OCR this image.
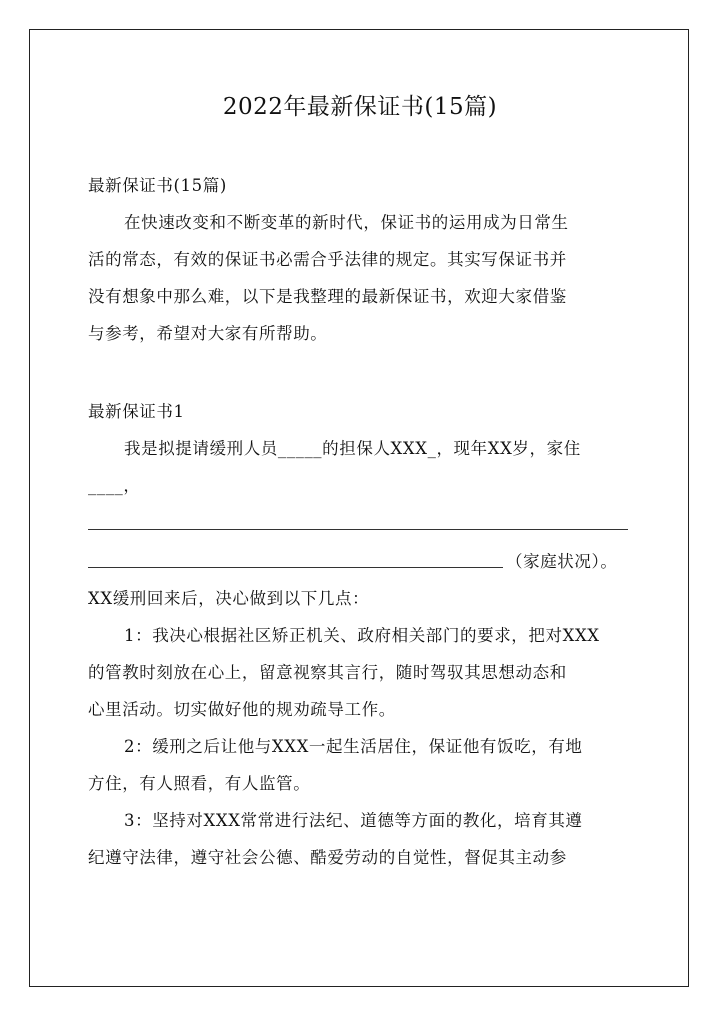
2022年最新保证书(15篇)
最新保证书(15篇)
在快速改变和不断变革的新时代，保证书的运用成为日常生
活的常态，有效的保证书必需合乎法律的规定。其实写保证书并
没有想象中那么难，以下是我整理的最新保证书，欢迎大家借鉴
与参考，希望对大家有所帮助。
最新保证书1
我是拟提请缓刑人员_____的担保人XXX_，现年XX岁，家住
____，
（家庭状况）。
XX缓刑回来后，决心做到以下几点：
1：我决心根据社区矫正机关、政府相关部门的要求，把对XXX
的管教时刻放在心上，留意视察其言行，随时驾驭其思想动态和
心里活动。切实做好他的规劝疏导工作。
2：缓刑之后让他与XXX一起生活居住，保证他有饭吃，有地
方住，有人照看，有人监管。
3：坚持对XXX常常进行法纪、道德等方面的教化，培育其遵
纪遵守法律，遵守社会公德、酷爱劳动的自觉性，督促其主动参
